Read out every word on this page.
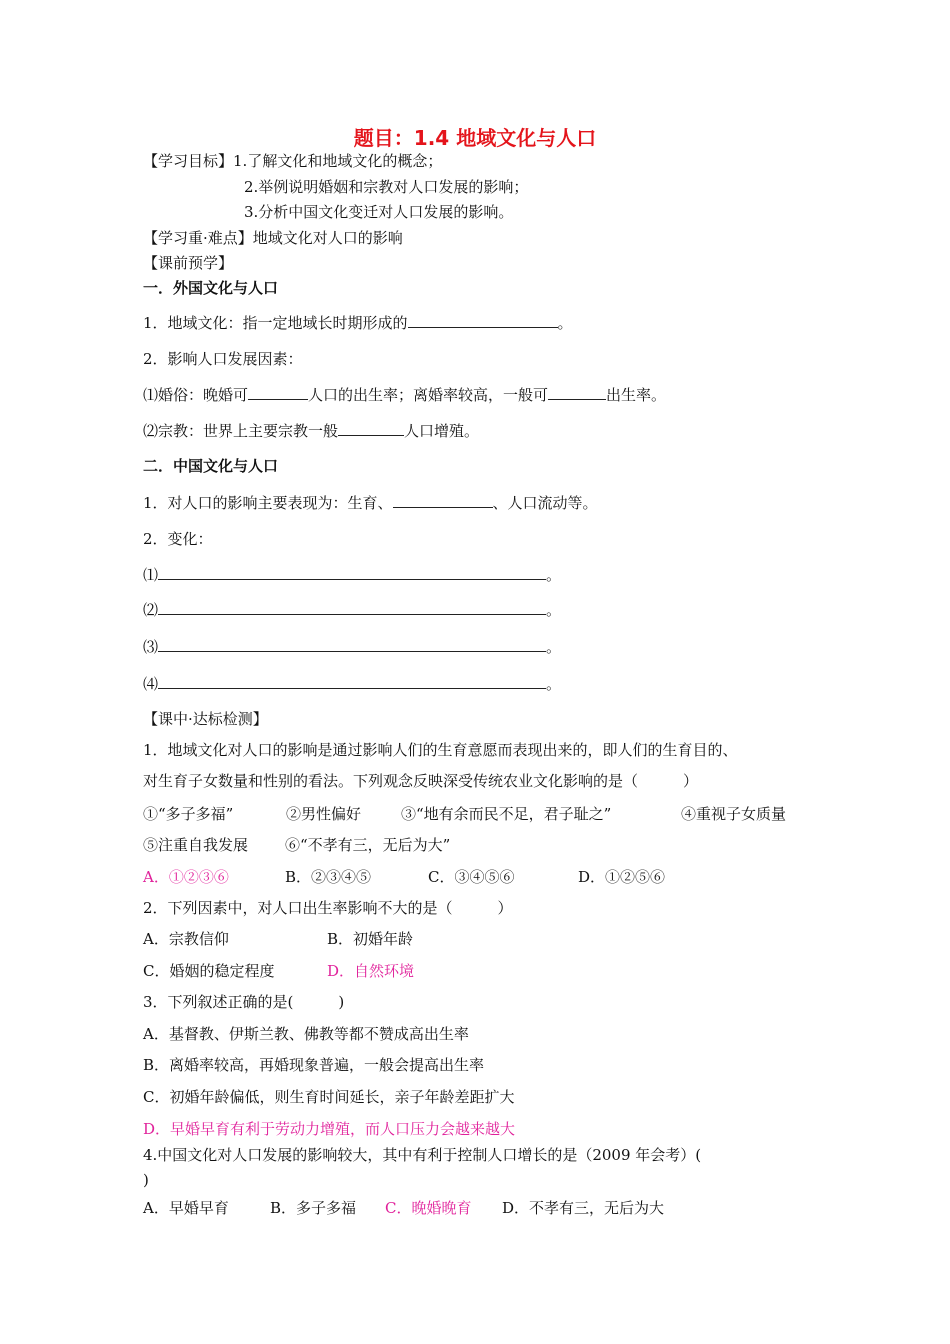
题目：1.4 地域文化与人口
【学习目标】1.了解文化和地域文化的概念；
2.举例说明婚姻和宗教对人口发展的影响；
3.分析中国文化变迁对人口发展的影响。
【学习重·难点】地域文化对人口的影响
【课前预学】
一．外国文化与人口
1．地域文化：指一定地域长时期形成的	。
2．影响人口发展因素：
⑴婚俗：晚婚可	人口的出生率；离婚率较高，一般可	出生率。
⑵宗教：世界上主要宗教一般	人口增殖。
二．中国文化与人口
1．对人口的影响主要表现为：生育、	、人口流动等。
2．变化：
⑴	。
⑵	。
⑶	。
⑷	。
【课中·达标检测】
1．地域文化对人口的影响是通过影响人们的生育意愿而表现出来的，即人们的生育目的、
对生育子女数量和性别的看法。下列观念反映深受传统农业文化影响的是（　　　）
①“多子多福”	②男性偏好	③“地有余而民不足，君子耻之”	④重视子女质量
⑤注重自我发展 ⑥“不孝有三，无后为大”
A．①②③⑥	B．②③④⑤	C．③④⑤⑥	D．①②⑤⑥
2．下列因素中，对人口出生率影响不大的是（　　　）
A．宗教信仰	B．初婚年龄
C．婚姻的稳定程度	D．自然环境
3．下列叙述正确的是(　　　)
A．基督教、伊斯兰教、佛教等都不赞成高出生率
B．离婚率较高，再婚现象普遍，一般会提高出生率
C．初婚年龄偏低，则生育时间延长，亲子年龄差距扩大
D．早婚早育有利于劳动力增殖，而人口压力会越来越大
4.中国文化对人口发展的影响较大，其中有利于控制人口增长的是（2009 年会考）(
)
A．早婚早育	B．多子多福 C．晚婚晚育 D．不孝有三，无后为大
